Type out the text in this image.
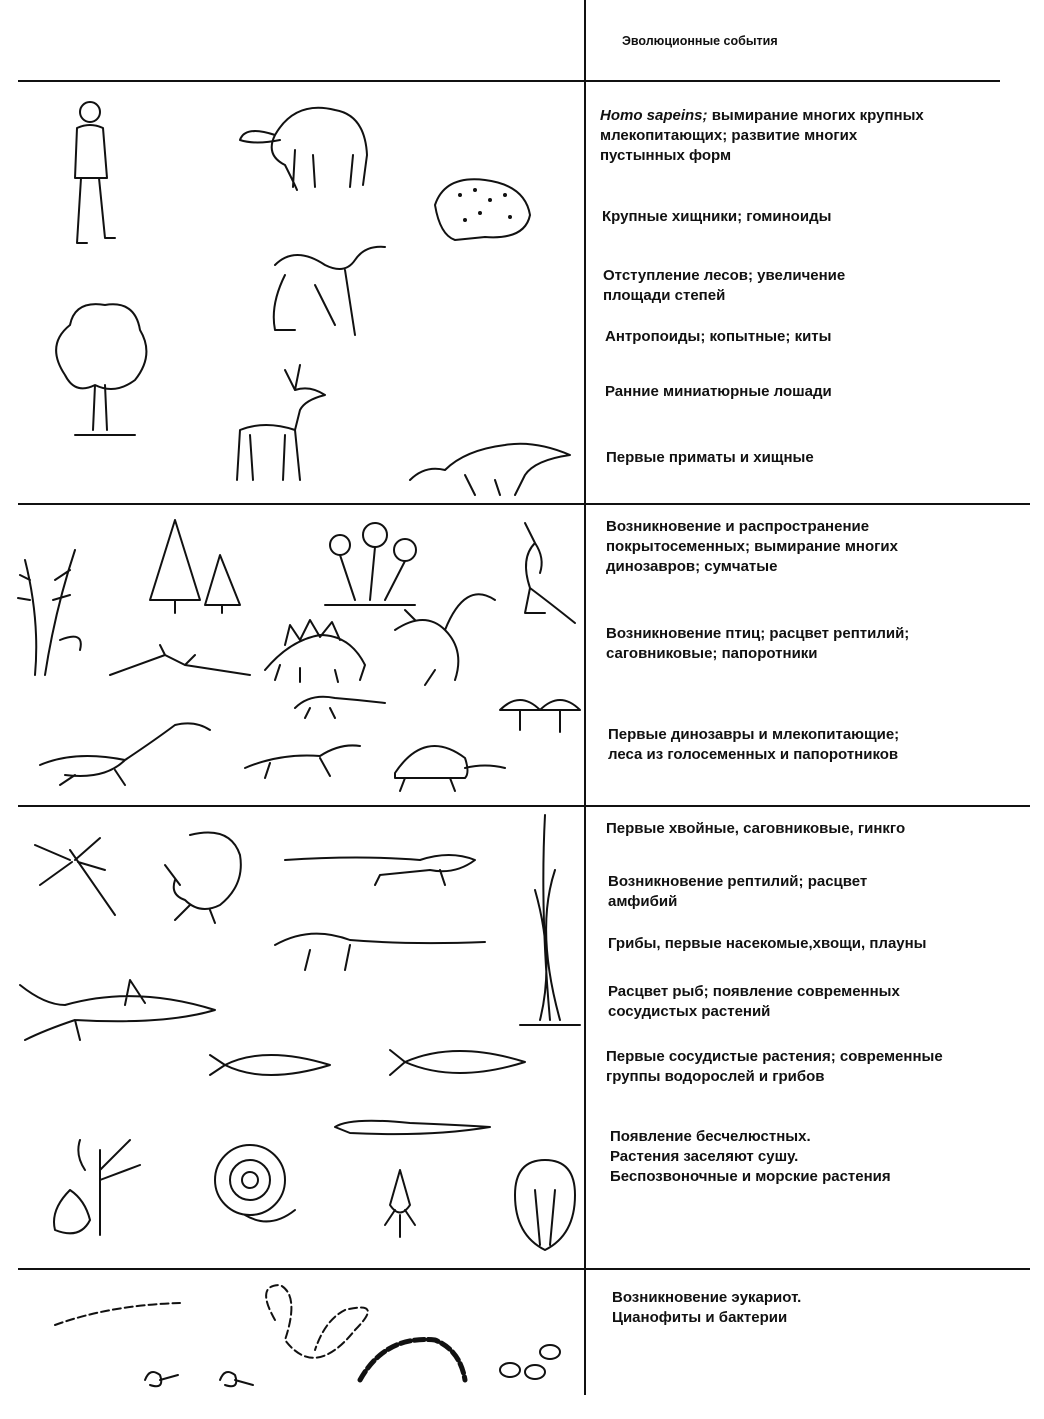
Эволюционные события
Homo sapeins; вымирание многих крупных
млекопитающих; развитие многих
пустынных форм
Крупные хищники; гоминоиды
Отступление лесов; увеличение
площади степей
Антропоиды; копытные; киты
Ранние миниатюрные лошади
Первые приматы и хищные
Возникновение и распространение
покрытосеменных; вымирание многих
динозавров; сумчатые
Возникновение птиц; расцвет рептилий;
саговниковые; папоротники
Первые динозавры и млекопитающие;
леса из голосеменных и папоротников
Первые хвойные, саговниковые, гинкго
Возникновение рептилий; расцвет
амфибий
Грибы, первые насекомые,хвощи, плауны
Расцвет рыб; появление современных
сосудистых растений
Первые сосудистые растения; современные
группы водорослей и грибов
Появление бесчелюстных.
Растения заселяют сушу.
Беспозвоночные и морские растения
Возникновение эукариот.
Цианофиты и бактерии
